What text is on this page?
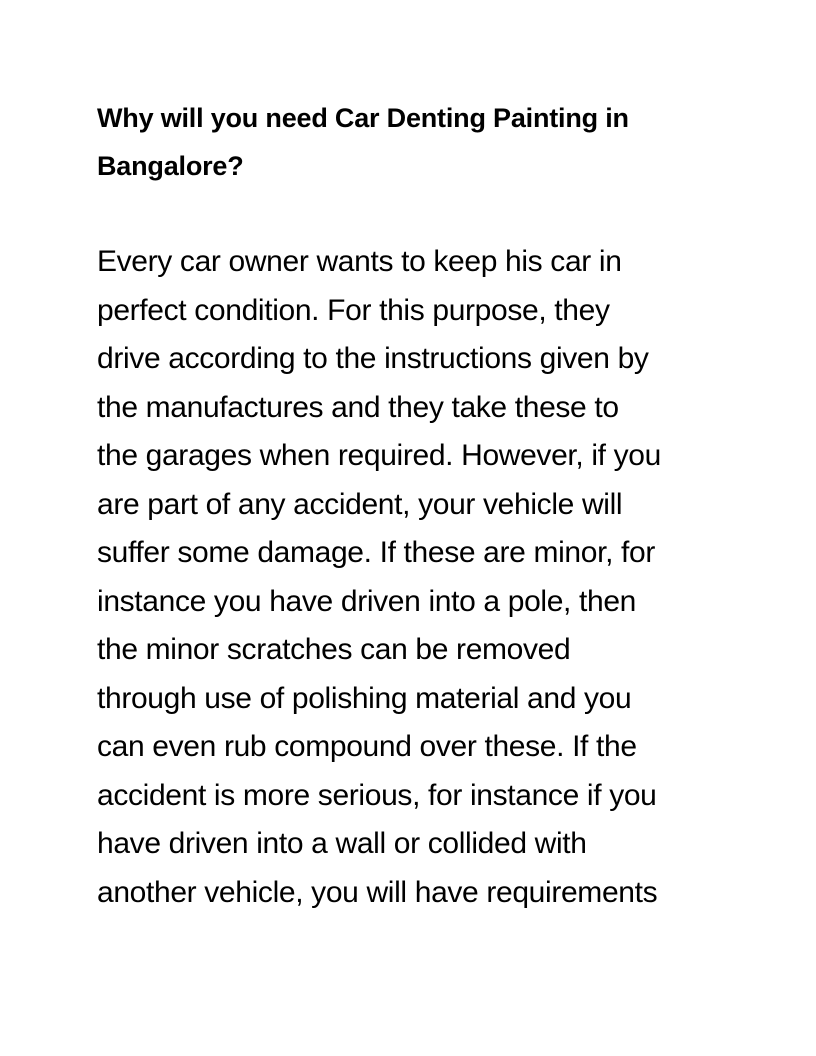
Why will you need Car Denting Painting in
Bangalore?

Every car owner wants to keep his car in
perfect condition. For this purpose, they
drive according to the instructions given by
the manufactures and they take these to
the garages when required. However, if you
are part of any accident, your vehicle will
suffer some damage. If these are minor, for
instance you have driven into a pole, then
the minor scratches can be removed
through use of polishing material and you
can even rub compound over these. If the
accident is more serious, for instance if you
have driven into a wall or collided with
another vehicle, you will have requirements
